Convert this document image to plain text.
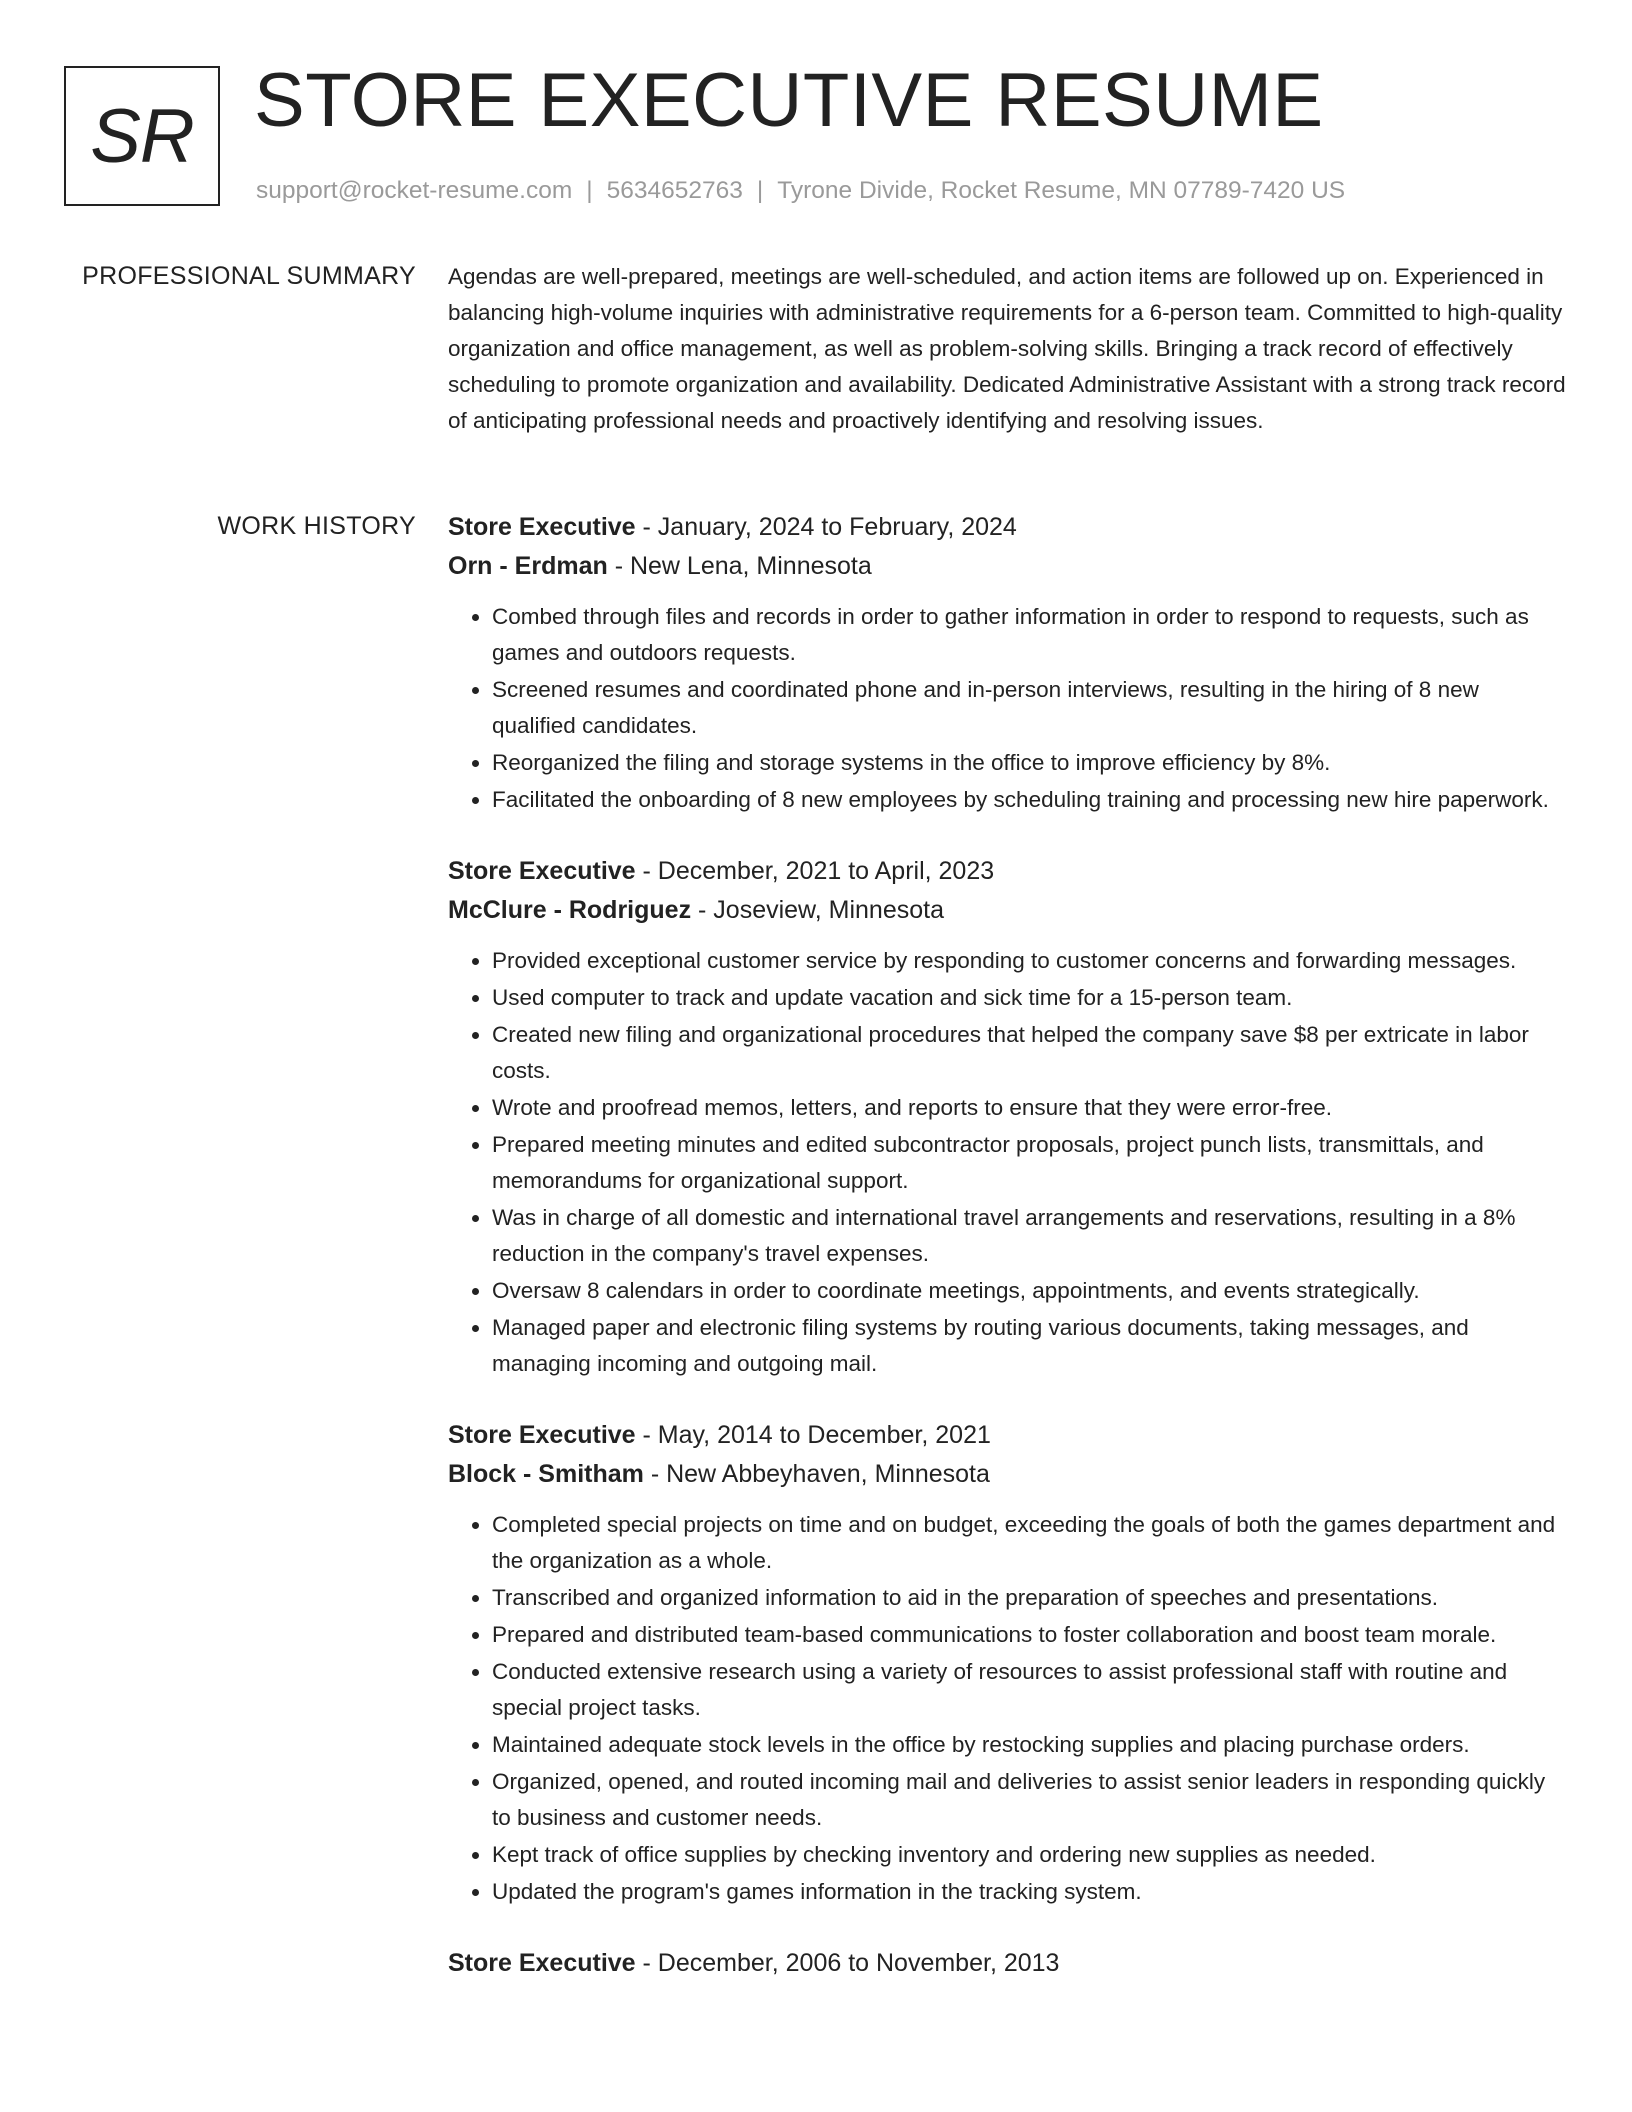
SR STORE EXECUTIVE RESUME
support@rocket-resume.com | 5634652763 | Tyrone Divide, Rocket Resume, MN 07789-7420 US
PROFESSIONAL SUMMARY Agendas are well-prepared, meetings are well-scheduled, and action items are followed up on. Experienced in balancing high-volume inquiries with administrative requirements for a 6-person team. Committed to high-quality organization and office management, as well as problem-solving skills. Bringing a track record of effectively scheduling to promote organization and availability. Dedicated Administrative Assistant with a strong track record of anticipating professional needs and proactively identifying and resolving issues.

WORK HISTORY Store Executive - January, 2024 to February, 2024
Orn - Erdman - New Lena, Minnesota
• Combed through files and records in order to gather information in order to respond to requests, such as games and outdoors requests.
• Screened resumes and coordinated phone and in-person interviews, resulting in the hiring of 8 new qualified candidates.
• Reorganized the filing and storage systems in the office to improve efficiency by 8%.
• Facilitated the onboarding of 8 new employees by scheduling training and processing new hire paperwork.
Store Executive - December, 2021 to April, 2023
McClure - Rodriguez - Joseview, Minnesota
• Provided exceptional customer service by responding to customer concerns and forwarding messages.
• Used computer to track and update vacation and sick time for a 15-person team.
• Created new filing and organizational procedures that helped the company save $8 per extricate in labor costs.
• Wrote and proofread memos, letters, and reports to ensure that they were error-free.
• Prepared meeting minutes and edited subcontractor proposals, project punch lists, transmittals, and memorandums for organizational support.
• Was in charge of all domestic and international travel arrangements and reservations, resulting in a 8% reduction in the company's travel expenses.
• Oversaw 8 calendars in order to coordinate meetings, appointments, and events strategically.
• Managed paper and electronic filing systems by routing various documents, taking messages, and managing incoming and outgoing mail.
Store Executive - May, 2014 to December, 2021
Block - Smitham - New Abbeyhaven, Minnesota
• Completed special projects on time and on budget, exceeding the goals of both the games department and the organization as a whole.
• Transcribed and organized information to aid in the preparation of speeches and presentations.
• Prepared and distributed team-based communications to foster collaboration and boost team morale.
• Conducted extensive research using a variety of resources to assist professional staff with routine and special project tasks.
• Maintained adequate stock levels in the office by restocking supplies and placing purchase orders.
• Organized, opened, and routed incoming mail and deliveries to assist senior leaders in responding quickly to business and customer needs.
• Kept track of office supplies by checking inventory and ordering new supplies as needed.
• Updated the program's games information in the tracking system.
Store Executive - December, 2006 to November, 2013
